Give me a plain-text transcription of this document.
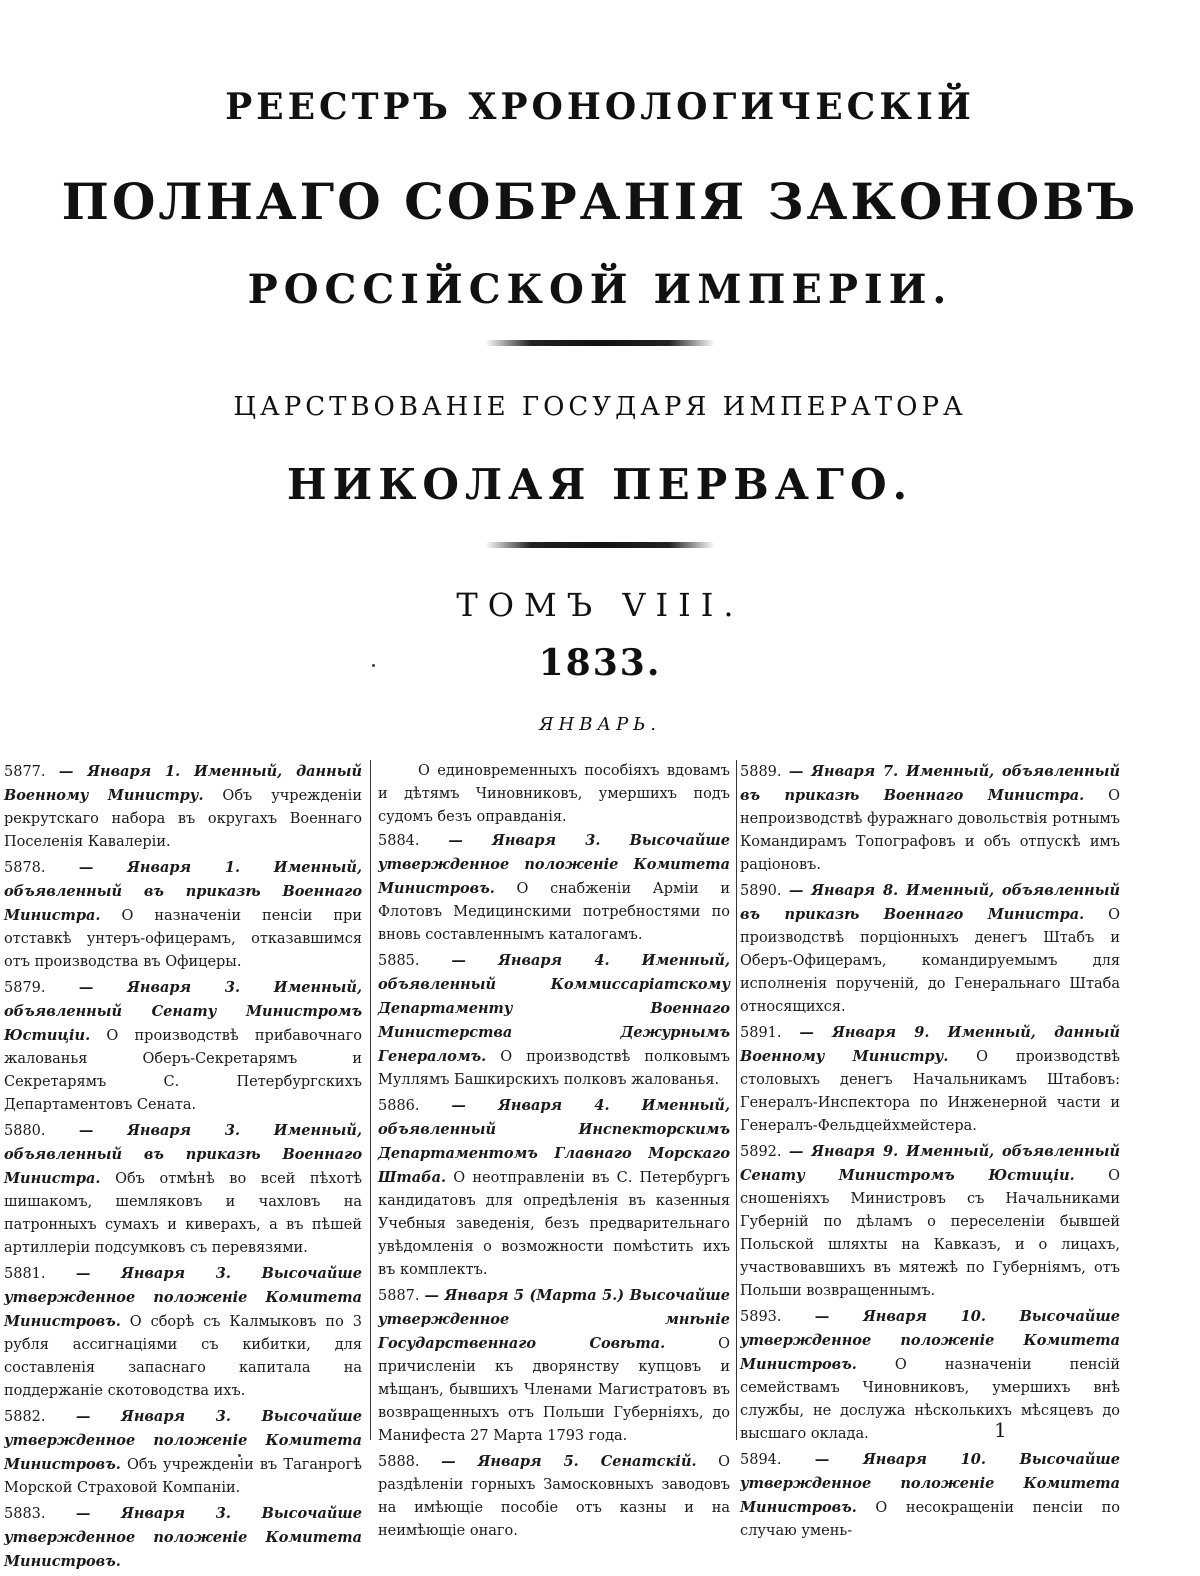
РЕЕСТРЪ ХРОНОЛОГИЧЕСКІЙ
ПОЛНАГО СОБРАНІЯ ЗАКОНОВЪ
РОССІЙСКОЙ ИМПЕРІИ.
ЦАРСТВОВАНІЕ ГОСУДАРЯ ИМПЕРАТОРА
НИКОЛАЯ ПЕРВАГО.
ТОМЪ VIII.
1833.
ЯНВАРЬ.
5877. — Января 1. Именный, данный Военному Министру. Объ учрежденіи рекрутскаго набора въ округахъ Военнаго Поселенія Кавалеріи.
5878. — Января 1. Именный, объявленный въ приказѣ Военнаго Министра. О назначеніи пенсіи при отставкѣ унтеръ-офицерамъ, отказавшимся отъ производства въ Офицеры.
5879. — Января 3. Именный, объявленный Сенату Министромъ Юстиціи. О производствѣ прибавочнаго жалованья Оберъ-Секретарямъ и Секретарямъ С. Петербургскихъ Департаментовъ Сената.
5880. — Января 3. Именный, объявленный въ приказѣ Военнаго Министра. Объ отмѣнѣ во всей пѣхотѣ шишакомъ, шемляковъ и чахловъ на патронныхъ сумахъ и киверахъ, а въ пѣшей артиллеріи подсумковъ съ перевязями.
5881. — Января 3. Высочайше утвержденное положеніе Комитета Министровъ. О сборѣ съ Калмыковъ по 3 рубля ассигнаціями съ кибитки, для составленія запаснаго капитала на поддержаніе скотоводства ихъ.
5882. — Января 3. Высочайше утвержденное положеніе Комитета Министровъ. Объ учрежденіи въ Таганрогѣ Морской Страховой Компаніи.
5883. — Января 3. Высочайше утвержденное положеніе Комитета Министровъ.
О единовременныхъ пособіяхъ вдовамъ и дѣтямъ Чиновниковъ, умершихъ подъ судомъ безъ оправданія.
5884. — Января 3. Высочайше утвержденное положеніе Комитета Министровъ. О снабженіи Арміи и Флотовъ Медицинскими потребностями по вновь составленнымъ каталогамъ.
5885. — Января 4. Именный, объявленный Коммиссаріатскому Департаменту Военнаго Министерства Дежурнымъ Генераломъ. О производствѣ полковымъ Муллямъ Башкирскихъ полковъ жалованья.
5886. — Января 4. Именный, объявленный Инспекторскимъ Департаментомъ Главнаго Морскаго Штаба. О неотправленіи въ С. Петербургъ кандидатовъ для опредѣленія въ казенныя Учебныя заведенія, безъ предварительнаго увѣдомленія о возможности помѣстить ихъ въ комплектъ.
5887. — Января 5 (Марта 5.) Высочайше утвержденное мнѣніе Государственнаго Совѣта. О причисленіи къ дворянству купцовъ и мѣщанъ, бывшихъ Членами Магистратовъ въ возвращенныхъ отъ Польши Губерніяхъ, до Манифеста 27 Марта 1793 года.
5888. — Января 5. Сенатскій. О раздѣленіи горныхъ Замосковныхъ заводовъ на имѣющіе пособіе отъ казны и на неимѣющіе онаго.
5889. — Января 7. Именный, объявленный въ приказѣ Военнаго Министра. О непроизводствѣ фуражнаго довольствія ротнымъ Командирамъ Топографовъ и объ отпускѣ имъ раціоновъ.
5890. — Января 8. Именный, объявленный въ приказѣ Военнаго Министра. О производствѣ порціонныхъ денегъ Штабъ и Оберъ-Офицерамъ, командируемымъ для исполненія порученій, до Генеральнаго Штаба относящихся.
5891. — Января 9. Именный, данный Военному Министру. О производствѣ столовыхъ денегъ Начальникамъ Штабовъ: Генералъ-Инспектора по Инженерной части и Генералъ-Фельдцейхмейстера.
5892. — Января 9. Именный, объявленный Сенату Министромъ Юстиціи. О сношеніяхъ Министровъ съ Начальниками Губерній по дѣламъ о переселеніи бывшей Польской шляхты на Кавказъ, и о лицахъ, участвовавшихъ въ мятежѣ по Губерніямъ, отъ Польши возвращеннымъ.
5893. — Января 10. Высочайше утвержденное положеніе Комитета Министровъ. О назначеніи пенсій семействамъ Чиновниковъ, умершихъ внѣ службы, не дослужа нѣсколькихъ мѣсяцевъ до высшаго оклада.
5894. — Января 10. Высочайше утвержденное положеніе Комитета Министровъ. О несокращеніи пенсіи по случаю умень-
1
